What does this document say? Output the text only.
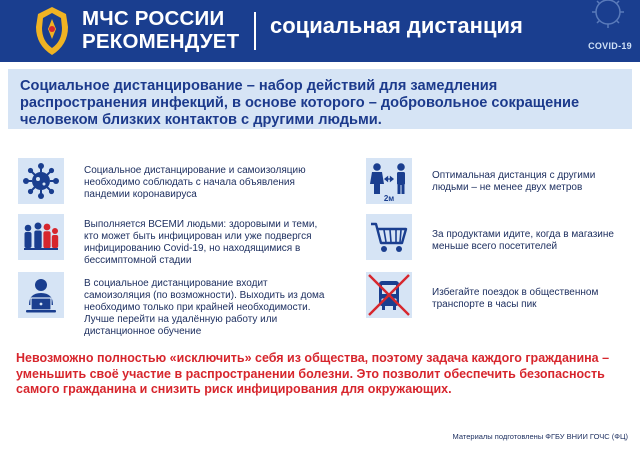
МЧС РОССИИ
РЕКОМЕНДУЕТ
социальная дистанция
COVID-19

Социальное дистанцирование – набор действий для замедления распространения инфекций, в основе которого – добровольное сокращение человеком близких контактов с другими людьми.

Социальное дистанцирование и самоизоляцию необходимо соблюдать с начала объявления пандемии коронавируса
Выполняется ВСЕМИ людьми: здоровыми и теми, кто может быть инфицирован или уже подвергся инфицированию Covid-19, но находящимися в бессимптомной стадии
В социальное дистанцирование входит самоизоляция (по возможности). Выходить из дома необходимо только при крайней необходимости. Лучше перейти на удалённую работу или дистанционное обучение
2м
Оптимальная дистанция с другими людьми – не менее двух метров
За продуктами идите, когда в магазине меньше всего посетителей
Избегайте поездок в общественном транспорте в часы пик

Невозможно полностью «исключить» себя из общества, поэтому задача каждого гражданина – уменьшить своё участие в распространении болезни. Это позволит обеспечить безопасность самого гражданина и снизить риск инфицирования для окружающих.

Материалы подготовлены ФГБУ ВНИИ ГОЧС (ФЦ)
